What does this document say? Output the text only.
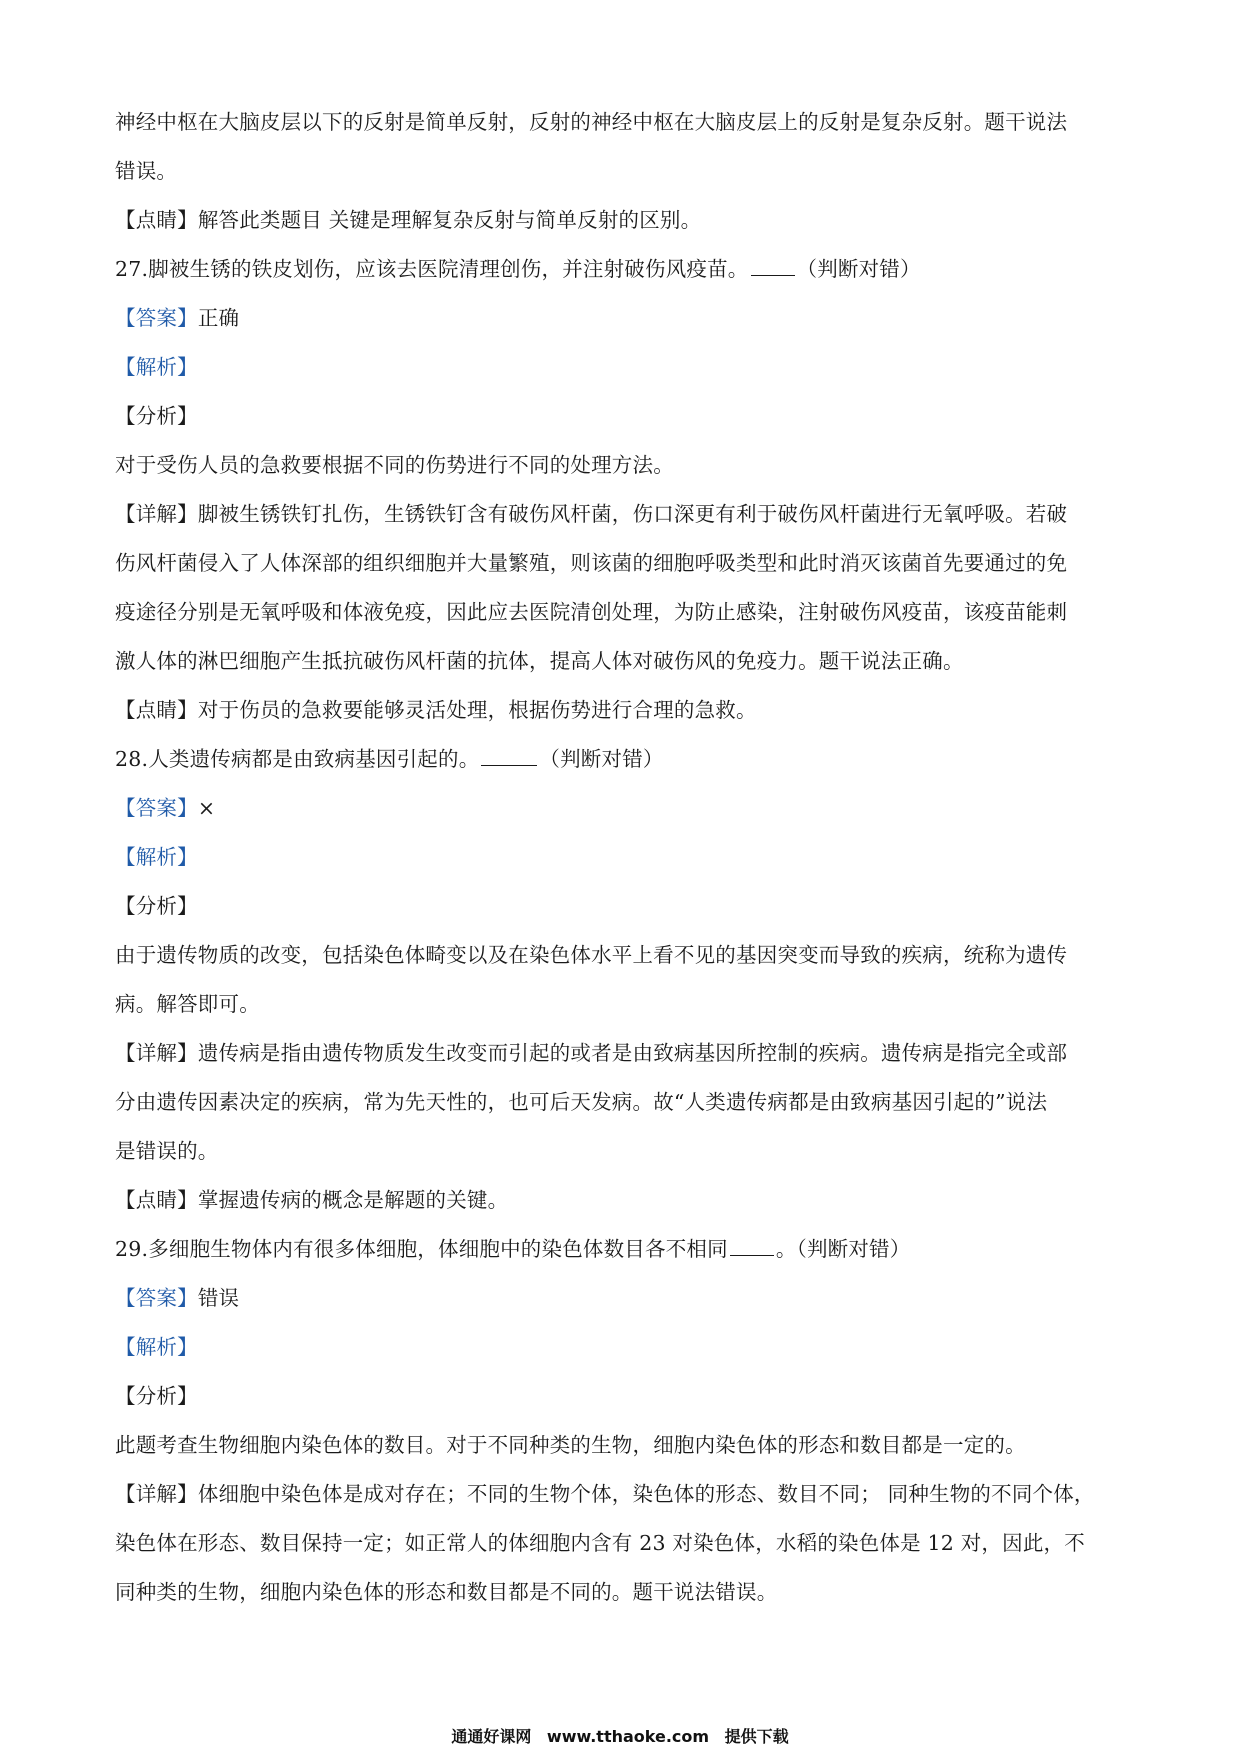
神经中枢在大脑皮层以下的反射是简单反射，反射的神经中枢在大脑皮层上的反射是复杂反射。题干说法
错误。
【点睛】解答此类题目 关键是理解复杂反射与简单反射的区别。
27.脚被生锈的铁皮划伤，应该去医院清理创伤，并注射破伤风疫苗。 （判断对错）
【答案】正确
【解析】
【分析】
对于受伤人员的急救要根据不同的伤势进行不同的处理方法。
【详解】脚被生锈铁钉扎伤，生锈铁钉含有破伤风杆菌，伤口深更有利于破伤风杆菌进行无氧呼吸。若破
伤风杆菌侵入了人体深部的组织细胞并大量繁殖，则该菌的细胞呼吸类型和此时消灭该菌首先要通过的免
疫途径分别是无氧呼吸和体液免疫，因此应去医院清创处理，为防止感染，注射破伤风疫苗，该疫苗能刺
激人体的淋巴细胞产生抵抗破伤风杆菌的抗体，提高人体对破伤风的免疫力。题干说法正确。
【点睛】对于伤员的急救要能够灵活处理，根据伤势进行合理的急救。
28.人类遗传病都是由致病基因引起的。	（判断对错）
【答案】×
【解析】
【分析】
由于遗传物质的改变，包括染色体畸变以及在染色体水平上看不见的基因突变而导致的疾病，统称为遗传
病。解答即可。
【详解】遗传病是指由遗传物质发生改变而引起的或者是由致病基因所控制的疾病。遗传病是指完全或部
分由遗传因素决定的疾病，常为先天性的，也可后天发病。故“人类遗传病都是由致病基因引起的”说法
是错误的。
【点睛】掌握遗传病的概念是解题的关键。
29.多细胞生物体内有很多体细胞，体细胞中的染色体数目各不相同 。（判断对错）
【答案】错误
【解析】
【分析】
此题考查生物细胞内染色体的数目。对于不同种类的生物，细胞内染色体的形态和数目都是一定的。
【详解】体细胞中染色体是成对存在；不同的生物个体，染色体的形态、数目不同； 同种生物的不同个体，
染色体在形态、数目保持一定；如正常人的体细胞内含有 23 对染色体，水稻的染色体是 12 对，因此，不
同种类的生物，细胞内染色体的形态和数目都是不同的。题干说法错误。
通通好课网 www.tthaoke.com 提供下载
